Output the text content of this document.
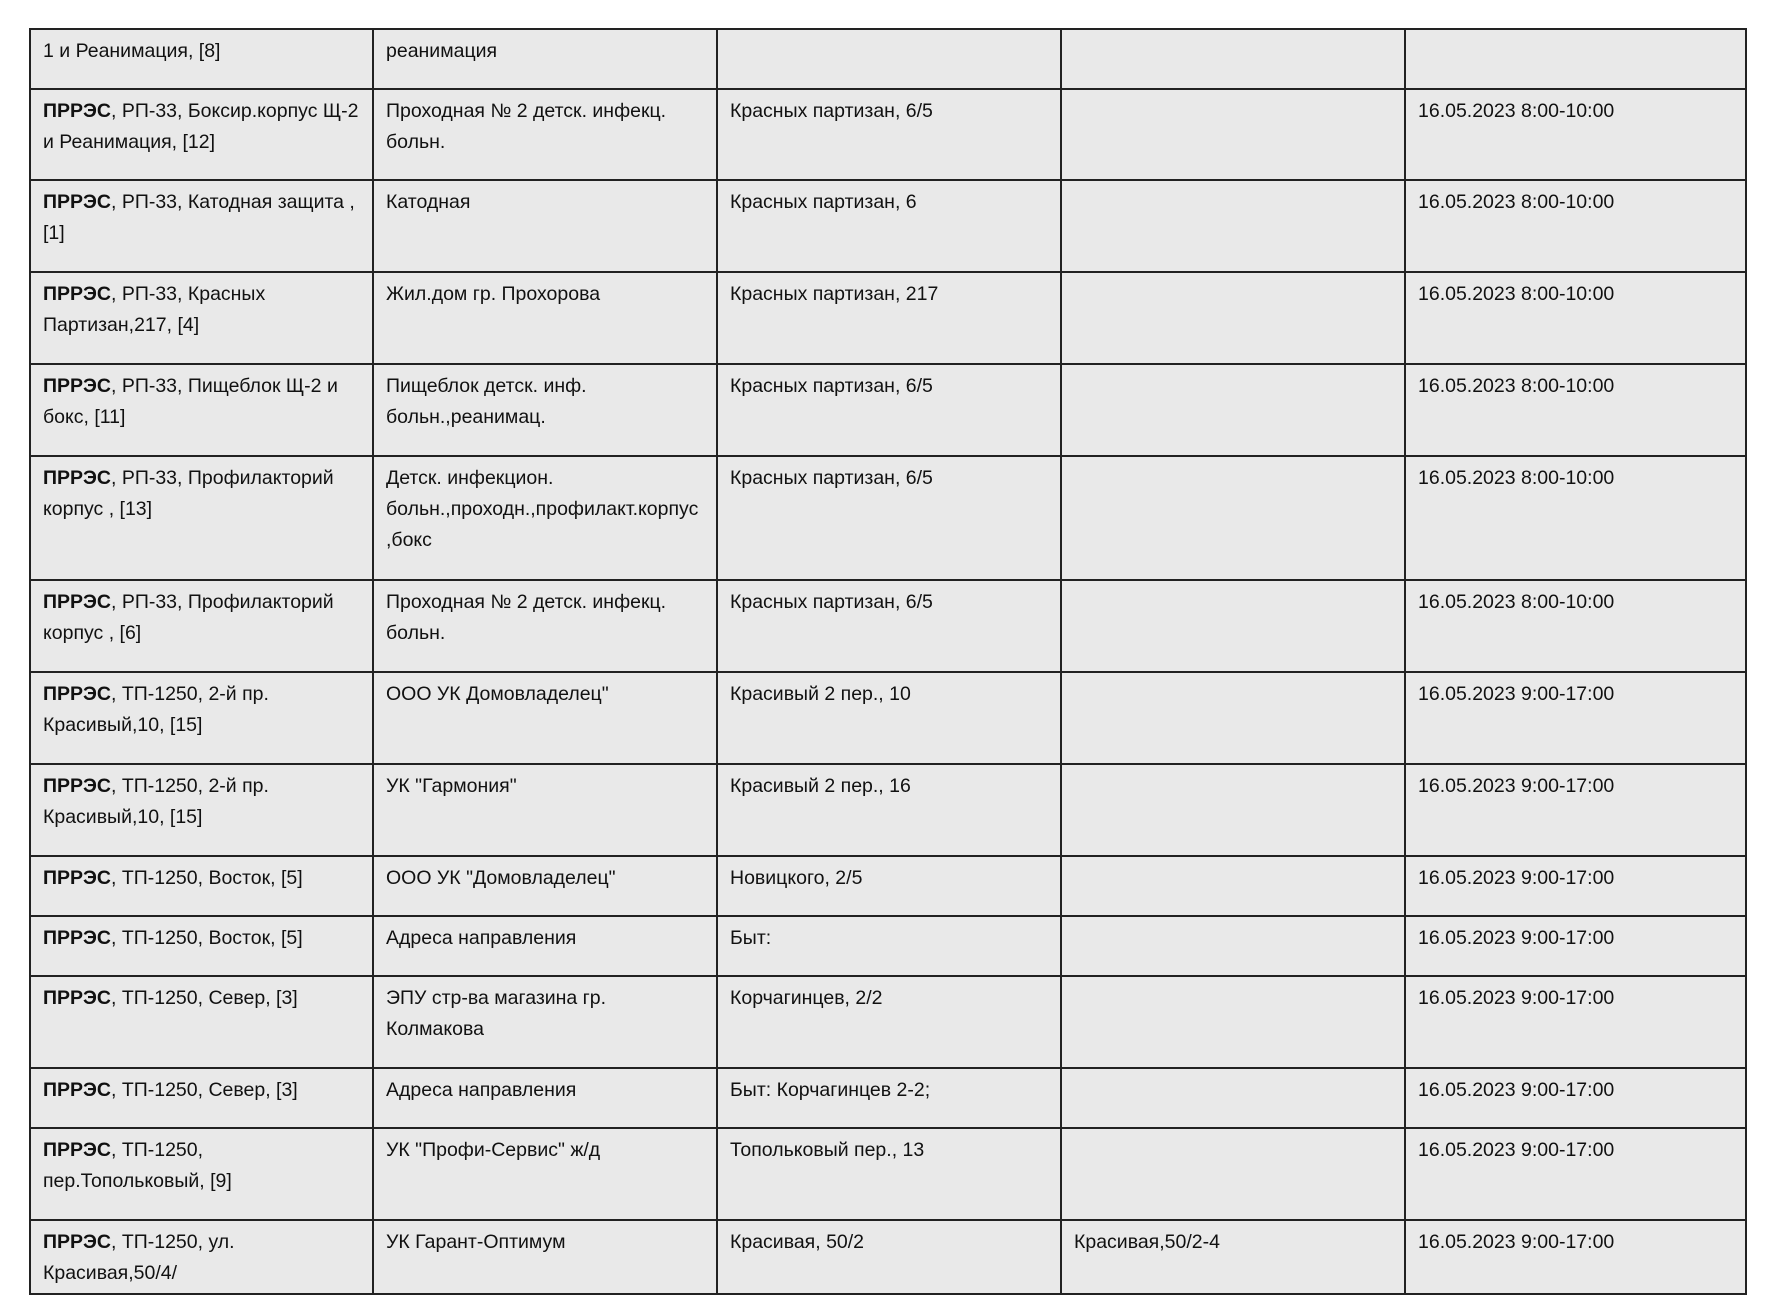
1 и Реанимация, [8]	реанимация			
ПРРЭС, РП-33, Боксир.корпус Щ-2 и Реанимация, [12]	Проходная № 2 детск. инфекц. больн.	Красных партизан, 6/5		16.05.2023 8:00-10:00
ПРРЭС, РП-33, Катодная защита , [1]	Катодная	Красных партизан, 6		16.05.2023 8:00-10:00
ПРРЭС, РП-33, Красных Партизан,217, [4]	Жил.дом гр. Прохорова	Красных партизан, 217		16.05.2023 8:00-10:00
ПРРЭС, РП-33, Пищеблок Щ-2 и бокс, [11]	Пищеблок детск. инф. больн.,реанимац.	Красных партизан, 6/5		16.05.2023 8:00-10:00
ПРРЭС, РП-33, Профилакторий корпус , [13]	Детск. инфекцион. больн.,проходн.,профилакт.корпус ,бокс	Красных партизан, 6/5		16.05.2023 8:00-10:00
ПРРЭС, РП-33, Профилакторий корпус , [6]	Проходная № 2 детск. инфекц. больн.	Красных партизан, 6/5		16.05.2023 8:00-10:00
ПРРЭС, ТП-1250, 2-й пр. Красивый,10, [15]	ООО УК Домовладелец"	Красивый 2 пер., 10		16.05.2023 9:00-17:00
ПРРЭС, ТП-1250, 2-й пр. Красивый,10, [15]	УК "Гармония"	Красивый 2 пер., 16		16.05.2023 9:00-17:00
ПРРЭС, ТП-1250, Восток, [5]	ООО УК "Домовладелец"	Новицкого, 2/5		16.05.2023 9:00-17:00
ПРРЭС, ТП-1250, Восток, [5]	Адреса направления	Быт:		16.05.2023 9:00-17:00
ПРРЭС, ТП-1250, Север, [3]	ЭПУ стр-ва магазина гр. Колмакова	Корчагинцев, 2/2		16.05.2023 9:00-17:00
ПРРЭС, ТП-1250, Север, [3]	Адреса направления	Быт: Корчагинцев 2-2;		16.05.2023 9:00-17:00
ПРРЭС, ТП-1250, пер.Топольковый, [9]	УК "Профи-Сервис" ж/д	Топольковый пер., 13		16.05.2023 9:00-17:00
ПРРЭС, ТП-1250, ул. Красивая,50/4/	УК Гарант-Оптимум	Красивая, 50/2	Красивая,50/2-4	16.05.2023 9:00-17:00
